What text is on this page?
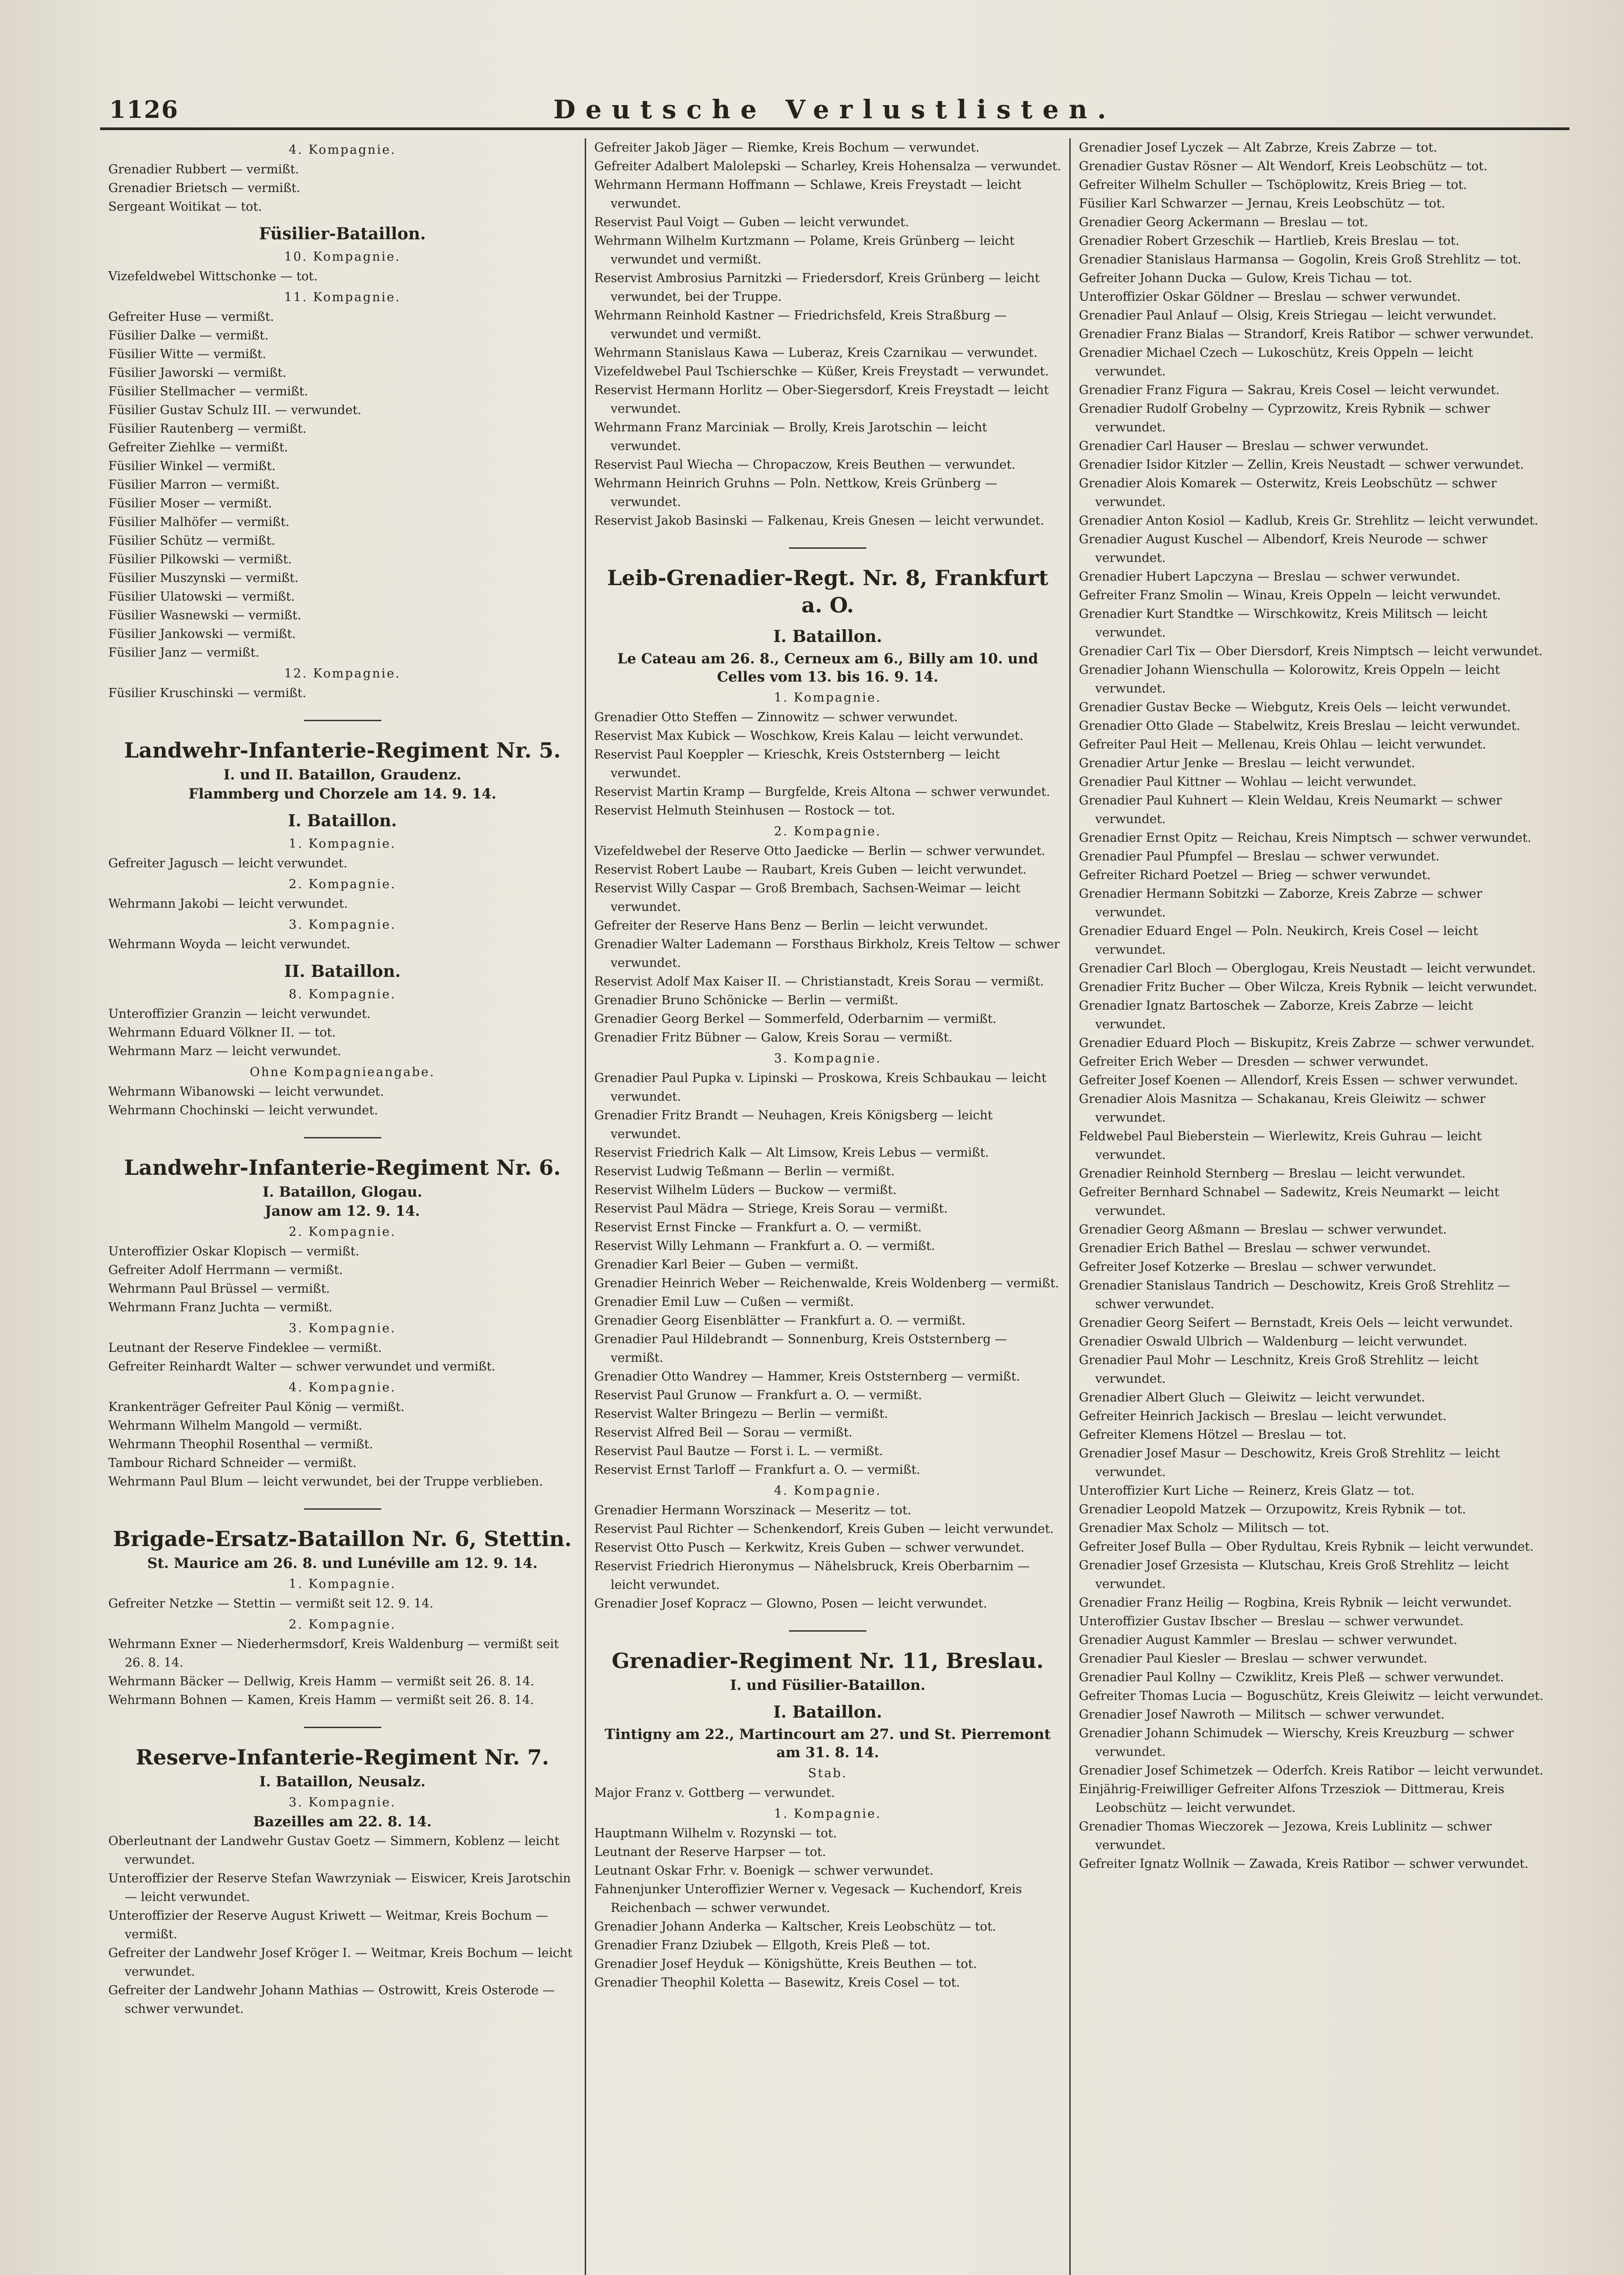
1126	Deutsche Verlustlisten.
4. Kompagnie.

Grenadier Rubbert — vermißt.

Grenadier Brietsch — vermißt.

Sergeant Woitikat — tot.

Füsilier-Bataillon.
10. Kompagnie.

Vizefeldwebel Wittschonke — tot.

11. Kompagnie.

Gefreiter Huse — vermißt.

Füsilier Dalke — vermißt.

Füsilier Witte — vermißt.

Füsilier Jaworski — vermißt.

Füsilier Stellmacher — vermißt.

Füsilier Gustav Schulz III. — verwundet.

Füsilier Rautenberg — vermißt.

Gefreiter Ziehlke — vermißt.

Füsilier Winkel — vermißt.

Füsilier Marron — vermißt.

Füsilier Moser — vermißt.

Füsilier Malhöfer — vermißt.

Füsilier Schütz — vermißt.

Füsilier Pilkowski — vermißt.

Füsilier Muszynski — vermißt.

Füsilier Ulatowski — vermißt.

Füsilier Wasnewski — vermißt.

Füsilier Jankowski — vermißt.

Füsilier Janz — vermißt.

12. Kompagnie.

Füsilier Kruschinski — vermißt.

Landwehr-Infanterie-Regiment Nr. 5.
I. und II. Bataillon, Graudenz.
Flammberg und Chorzele am 14. 9. 14.
I. Bataillon.
1. Kompagnie.

Gefreiter Jagusch — leicht verwundet.

2. Kompagnie.

Wehrmann Jakobi — leicht verwundet.

3. Kompagnie.

Wehrmann Woyda — leicht verwundet.

II. Bataillon.
8. Kompagnie.

Unteroffizier Granzin — leicht verwundet.

Wehrmann Eduard Völkner II. — tot.

Wehrmann Marz — leicht verwundet.

Ohne Kompagnieangabe.

Wehrmann Wibanowski — leicht verwundet.

Wehrmann Chochinski — leicht verwundet.

Landwehr-Infanterie-Regiment Nr. 6.
I. Bataillon, Glogau.
Janow am 12. 9. 14.
2. Kompagnie.

Unteroffizier Oskar Klopisch — vermißt.

Gefreiter Adolf Herrmann — vermißt.

Wehrmann Paul Brüssel — vermißt.

Wehrmann Franz Juchta — vermißt.

3. Kompagnie.

Leutnant der Reserve Findeklee — vermißt.

Gefreiter Reinhardt Walter — schwer verwundet und vermißt.

4. Kompagnie.

Krankenträger Gefreiter Paul König — vermißt.

Wehrmann Wilhelm Mangold — vermißt.

Wehrmann Theophil Rosenthal — vermißt.

Tambour Richard Schneider — vermißt.

Wehrmann Paul Blum — leicht verwundet, bei der Truppe verblieben.

Brigade-Ersatz-Bataillon Nr. 6, Stettin.
St. Maurice am 26. 8. und Lunéville am 12. 9. 14.
1. Kompagnie.

Gefreiter Netzke — Stettin — vermißt seit 12. 9. 14.

2. Kompagnie.

Wehrmann Exner — Niederhermsdorf, Kreis Waldenburg — vermißt seit 26. 8. 14.

Wehrmann Bäcker — Dellwig, Kreis Hamm — vermißt seit 26. 8. 14.

Wehrmann Bohnen — Kamen, Kreis Hamm — vermißt seit 26. 8. 14.

Reserve-Infanterie-Regiment Nr. 7.
I. Bataillon, Neusalz.
3. Kompagnie.
Bazeilles am 22. 8. 14.

Oberleutnant der Landwehr Gustav Goetz — Simmern, Koblenz — leicht verwundet.

Unteroffizier der Reserve Stefan Wawrzyniak — Eiswicer, Kreis Jarotschin — leicht verwundet.

Unteroffizier der Reserve August Kriwett — Weitmar, Kreis Bochum — vermißt.

Gefreiter der Landwehr Josef Kröger I. — Weitmar, Kreis Bochum — leicht verwundet.

Gefreiter der Landwehr Johann Mathias — Ostrowitt, Kreis Osterode — schwer verwundet.

Gefreiter Jakob Jäger — Riemke, Kreis Bochum — verwundet.

Gefreiter Adalbert Malolepski — Scharley, Kreis Hohensalza — verwundet.

Wehrmann Hermann Hoffmann — Schlawe, Kreis Freystadt — leicht verwundet.

Reservist Paul Voigt — Guben — leicht verwundet.

Wehrmann Wilhelm Kurtzmann — Polame, Kreis Grünberg — leicht verwundet und vermißt.

Reservist Ambrosius Parnitzki — Friedersdorf, Kreis Grünberg — leicht verwundet, bei der Truppe.

Wehrmann Reinhold Kastner — Friedrichsfeld, Kreis Straßburg — verwundet und vermißt.

Wehrmann Stanislaus Kawa — Luberaz, Kreis Czarnikau — verwundet.

Vizefeldwebel Paul Tschierschke — Küßer, Kreis Freystadt — verwundet.

Reservist Hermann Horlitz — Ober-Siegersdorf, Kreis Freystadt — leicht verwundet.

Wehrmann Franz Marciniak — Brolly, Kreis Jarotschin — leicht verwundet.

Reservist Paul Wiecha — Chropaczow, Kreis Beuthen — verwundet.

Wehrmann Heinrich Gruhns — Poln. Nettkow, Kreis Grünberg — verwundet.

Reservist Jakob Basinski — Falkenau, Kreis Gnesen — leicht verwundet.

Leib-Grenadier-Regt. Nr. 8, Frankfurt a. O.
I. Bataillon.
Le Cateau am 26. 8., Cerneux am 6., Billy am 10. und Celles vom 13. bis 16. 9. 14.
1. Kompagnie.

Grenadier Otto Steffen — Zinnowitz — schwer verwundet.

Reservist Max Kubick — Woschkow, Kreis Kalau — leicht verwundet.

Reservist Paul Koeppler — Krieschk, Kreis Oststernberg — leicht verwundet.

Reservist Martin Kramp — Burgfelde, Kreis Altona — schwer verwundet.

Reservist Helmuth Steinhusen — Rostock — tot.

2. Kompagnie.

Vizefeldwebel der Reserve Otto Jaedicke — Berlin — schwer verwundet.

Reservist Robert Laube — Raubart, Kreis Guben — leicht verwundet.

Reservist Willy Caspar — Groß Brembach, Sachsen-Weimar — leicht verwundet.

Gefreiter der Reserve Hans Benz — Berlin — leicht verwundet.

Grenadier Walter Lademann — Forsthaus Birkholz, Kreis Teltow — schwer verwundet.

Reservist Adolf Max Kaiser II. — Christianstadt, Kreis Sorau — vermißt.

Grenadier Bruno Schönicke — Berlin — vermißt.

Grenadier Georg Berkel — Sommerfeld, Oderbarnim — vermißt.

Grenadier Fritz Bübner — Galow, Kreis Sorau — vermißt.

3. Kompagnie.

Grenadier Paul Pupka v. Lipinski — Proskowa, Kreis Schbaukau — leicht verwundet.

Grenadier Fritz Brandt — Neuhagen, Kreis Königsberg — leicht verwundet.

Reservist Friedrich Kalk — Alt Limsow, Kreis Lebus — vermißt.

Reservist Ludwig Teßmann — Berlin — vermißt.

Reservist Wilhelm Lüders — Buckow — vermißt.

Reservist Paul Mädra — Striege, Kreis Sorau — vermißt.

Reservist Ernst Fincke — Frankfurt a. O. — vermißt.

Reservist Willy Lehmann — Frankfurt a. O. — vermißt.

Grenadier Karl Beier — Guben — vermißt.

Grenadier Heinrich Weber — Reichenwalde, Kreis Woldenberg — vermißt.

Grenadier Emil Luw — Cußen — vermißt.

Grenadier Georg Eisenblätter — Frankfurt a. O. — vermißt.

Grenadier Paul Hildebrandt — Sonnenburg, Kreis Oststernberg — vermißt.

Grenadier Otto Wandrey — Hammer, Kreis Oststernberg — vermißt.

Reservist Paul Grunow — Frankfurt a. O. — vermißt.

Reservist Walter Bringezu — Berlin — vermißt.

Reservist Alfred Beil — Sorau — vermißt.

Reservist Paul Bautze — Forst i. L. — vermißt.

Reservist Ernst Tarloff — Frankfurt a. O. — vermißt.

4. Kompagnie.

Grenadier Hermann Worszinack — Meseritz — tot.

Reservist Paul Richter — Schenkendorf, Kreis Guben — leicht verwundet.

Reservist Otto Pusch — Kerkwitz, Kreis Guben — schwer verwundet.

Reservist Friedrich Hieronymus — Nähelsbruck, Kreis Oberbarnim — leicht verwundet.

Grenadier Josef Kopracz — Glowno, Posen — leicht verwundet.

Grenadier-Regiment Nr. 11, Breslau.
I. und Füsilier-Bataillon.
I. Bataillon.
Tintigny am 22., Martincourt am 27. und St. Pierremont am 31. 8. 14.
Stab.

Major Franz v. Gottberg — verwundet.

1. Kompagnie.

Hauptmann Wilhelm v. Rozynski — tot.

Leutnant der Reserve Harpser — tot.

Leutnant Oskar Frhr. v. Boenigk — schwer verwundet.

Fahnenjunker Unteroffizier Werner v. Vegesack — Kuchendorf, Kreis Reichenbach — schwer verwundet.

Grenadier Johann Anderka — Kaltscher, Kreis Leobschütz — tot.

Grenadier Franz Dziubek — Ellgoth, Kreis Pleß — tot.

Grenadier Josef Heyduk — Königshütte, Kreis Beuthen — tot.

Grenadier Theophil Koletta — Basewitz, Kreis Cosel — tot.

Grenadier Josef Lyczek — Alt Zabrze, Kreis Zabrze — tot.

Grenadier Gustav Rösner — Alt Wendorf, Kreis Leobschütz — tot.

Gefreiter Wilhelm Schuller — Tschöplowitz, Kreis Brieg — tot.

Füsilier Karl Schwarzer — Jernau, Kreis Leobschütz — tot.

Grenadier Georg Ackermann — Breslau — tot.

Grenadier Robert Grzeschik — Hartlieb, Kreis Breslau — tot.

Grenadier Stanislaus Harmansa — Gogolin, Kreis Groß Strehlitz — tot.

Gefreiter Johann Ducka — Gulow, Kreis Tichau — tot.

Unteroffizier Oskar Göldner — Breslau — schwer verwundet.

Grenadier Paul Anlauf — Olsig, Kreis Striegau — leicht verwundet.

Grenadier Franz Bialas — Strandorf, Kreis Ratibor — schwer verwundet.

Grenadier Michael Czech — Lukoschütz, Kreis Oppeln — leicht verwundet.

Grenadier Franz Figura — Sakrau, Kreis Cosel — leicht verwundet.

Grenadier Rudolf Grobelny — Cyprzowitz, Kreis Rybnik — schwer verwundet.

Grenadier Carl Hauser — Breslau — schwer verwundet.

Grenadier Isidor Kitzler — Zellin, Kreis Neustadt — schwer verwundet.

Grenadier Alois Komarek — Osterwitz, Kreis Leobschütz — schwer verwundet.

Grenadier Anton Kosiol — Kadlub, Kreis Gr. Strehlitz — leicht verwundet.

Grenadier August Kuschel — Albendorf, Kreis Neurode — schwer verwundet.

Grenadier Hubert Lapczyna — Breslau — schwer verwundet.

Gefreiter Franz Smolin — Winau, Kreis Oppeln — leicht verwundet.

Grenadier Kurt Standtke — Wirschkowitz, Kreis Militsch — leicht verwundet.

Grenadier Carl Tix — Ober Diersdorf, Kreis Nimptsch — leicht verwundet.

Grenadier Johann Wienschulla — Kolorowitz, Kreis Oppeln — leicht verwundet.

Grenadier Gustav Becke — Wiebgutz, Kreis Oels — leicht verwundet.

Grenadier Otto Glade — Stabelwitz, Kreis Breslau — leicht verwundet.

Gefreiter Paul Heit — Mellenau, Kreis Ohlau — leicht verwundet.

Grenadier Artur Jenke — Breslau — leicht verwundet.

Grenadier Paul Kittner — Wohlau — leicht verwundet.

Grenadier Paul Kuhnert — Klein Weldau, Kreis Neumarkt — schwer verwundet.

Grenadier Ernst Opitz — Reichau, Kreis Nimptsch — schwer verwundet.

Grenadier Paul Pfumpfel — Breslau — schwer verwundet.

Gefreiter Richard Poetzel — Brieg — schwer verwundet.

Grenadier Hermann Sobitzki — Zaborze, Kreis Zabrze — schwer verwundet.

Grenadier Eduard Engel — Poln. Neukirch, Kreis Cosel — leicht verwundet.

Grenadier Carl Bloch — Oberglogau, Kreis Neustadt — leicht verwundet.

Grenadier Fritz Bucher — Ober Wilcza, Kreis Rybnik — leicht verwundet.

Grenadier Ignatz Bartoschek — Zaborze, Kreis Zabrze — leicht verwundet.

Grenadier Eduard Ploch — Biskupitz, Kreis Zabrze — schwer verwundet.

Gefreiter Erich Weber — Dresden — schwer verwundet.

Gefreiter Josef Koenen — Allendorf, Kreis Essen — schwer verwundet.

Grenadier Alois Masnitza — Schakanau, Kreis Gleiwitz — schwer verwundet.

Feldwebel Paul Bieberstein — Wierlewitz, Kreis Guhrau — leicht verwundet.

Grenadier Reinhold Sternberg — Breslau — leicht verwundet.

Gefreiter Bernhard Schnabel — Sadewitz, Kreis Neumarkt — leicht verwundet.

Grenadier Georg Aßmann — Breslau — schwer verwundet.

Grenadier Erich Bathel — Breslau — schwer verwundet.

Gefreiter Josef Kotzerke — Breslau — schwer verwundet.

Grenadier Stanislaus Tandrich — Deschowitz, Kreis Groß Strehlitz — schwer verwundet.

Grenadier Georg Seifert — Bernstadt, Kreis Oels — leicht verwundet.

Grenadier Oswald Ulbrich — Waldenburg — leicht verwundet.

Grenadier Paul Mohr — Leschnitz, Kreis Groß Strehlitz — leicht verwundet.

Grenadier Albert Gluch — Gleiwitz — leicht verwundet.

Gefreiter Heinrich Jackisch — Breslau — leicht verwundet.

Gefreiter Klemens Hötzel — Breslau — tot.

Grenadier Josef Masur — Deschowitz, Kreis Groß Strehlitz — leicht verwundet.

Unteroffizier Kurt Liche — Reinerz, Kreis Glatz — tot.

Grenadier Leopold Matzek — Orzupowitz, Kreis Rybnik — tot.

Grenadier Max Scholz — Militsch — tot.

Gefreiter Josef Bulla — Ober Rydultau, Kreis Rybnik — leicht verwundet.

Grenadier Josef Grzesista — Klutschau, Kreis Groß Strehlitz — leicht verwundet.

Grenadier Franz Heilig — Rogbina, Kreis Rybnik — leicht verwundet.

Unteroffizier Gustav Ibscher — Breslau — schwer verwundet.

Grenadier August Kammler — Breslau — schwer verwundet.

Grenadier Paul Kiesler — Breslau — schwer verwundet.

Grenadier Paul Kollny — Czwiklitz, Kreis Pleß — schwer verwundet.

Gefreiter Thomas Lucia — Boguschütz, Kreis Gleiwitz — leicht verwundet.

Grenadier Josef Nawroth — Militsch — schwer verwundet.

Grenadier Johann Schimudek — Wierschy, Kreis Kreuzburg — schwer verwundet.

Grenadier Josef Schimetzek — Oderfch. Kreis Ratibor — leicht verwundet.

Einjährig-Freiwilliger Gefreiter Alfons Trzesziok — Dittmerau, Kreis Leobschütz — leicht verwundet.

Grenadier Thomas Wieczorek — Jezowa, Kreis Lublinitz — schwer verwundet.

Gefreiter Ignatz Wollnik — Zawada, Kreis Ratibor — schwer verwundet.
